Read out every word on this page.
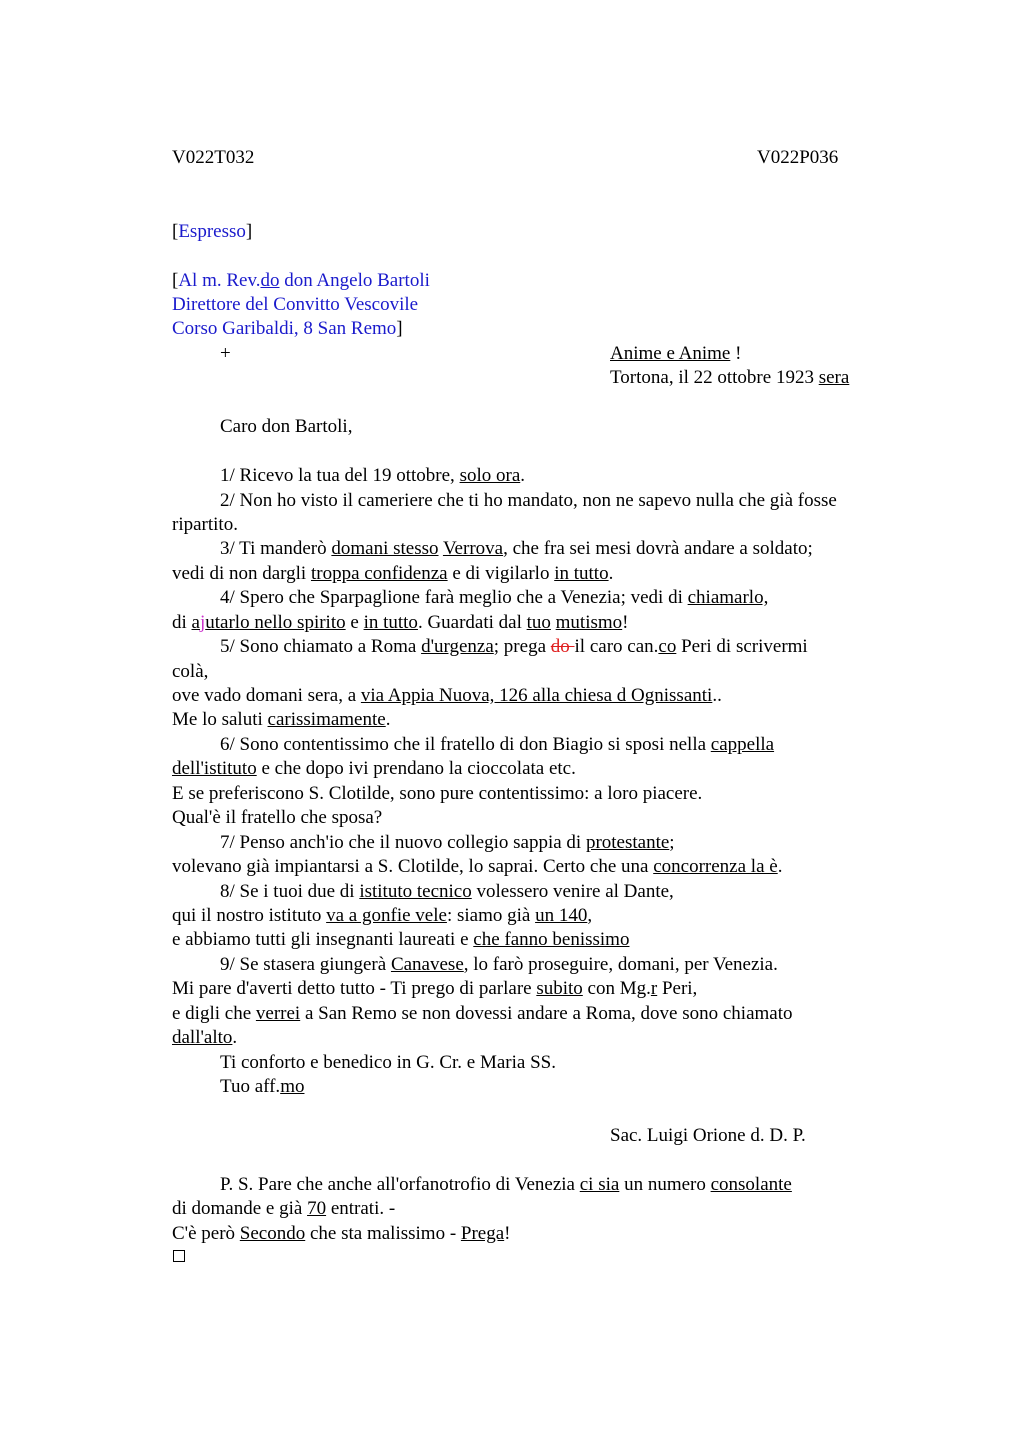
V022T032	V022P036
[Espresso]
[Al m. Rev.do don Angelo Bartoli
Direttore del Convitto Vescovile
Corso Garibaldi, 8 San Remo]
+	Anime e Anime !
Tortona, il 22 ottobre 1923 sera
Caro don Bartoli,
1/ Ricevo la tua del 19 ottobre, solo ora.
2/ Non ho visto il cameriere che ti ho mandato, non ne sapevo nulla che già fosse
ripartito.
3/ Ti manderò domani stesso Verrova, che fra sei mesi dovrà andare a soldato;
vedi di non dargli troppa confidenza e di vigilarlo in tutto.
4/ Spero che Sparpaglione farà meglio che a Venezia; vedi di chiamarlo,
di ajutarlo nello spirito e in tutto. Guardati dal tuo mutismo!
5/ Sono chiamato a Roma d'urgenza; prega do il caro can.co Peri di scrivermi
colà,
ove vado domani sera, a via Appia Nuova, 126 alla chiesa d Ognissanti..
Me lo saluti carissimamente.
6/ Sono contentissimo che il fratello di don Biagio si sposi nella cappella
dell'istituto e che dopo ivi prendano la cioccolata etc.
E se preferiscono S. Clotilde, sono pure contentissimo: a loro piacere.
Qual'è il fratello che sposa?
7/ Penso anch'io che il nuovo collegio sappia di protestante;
volevano già impiantarsi a S. Clotilde, lo saprai. Certo che una concorrenza la è.
8/ Se i tuoi due di istituto tecnico volessero venire al Dante,
qui il nostro istituto va a gonfie vele: siamo già un 140,
e abbiamo tutti gli insegnanti laureati e che fanno benissimo
9/ Se stasera giungerà Canavese, lo farò proseguire, domani, per Venezia.
Mi pare d'averti detto tutto - Ti prego di parlare subito con Mg.r Peri,
e digli che verrei a San Remo se non dovessi andare a Roma, dove sono chiamato
dall'alto.
Ti conforto e benedico in G. Cr. e Maria SS.
Tuo aff.mo
Sac. Luigi Orione d. D. P.
P. S. Pare che anche all'orfanotrofio di Venezia ci sia un numero consolante
di domande e già 70 entrati. -
C'è però Secondo che sta malissimo - Prega!
